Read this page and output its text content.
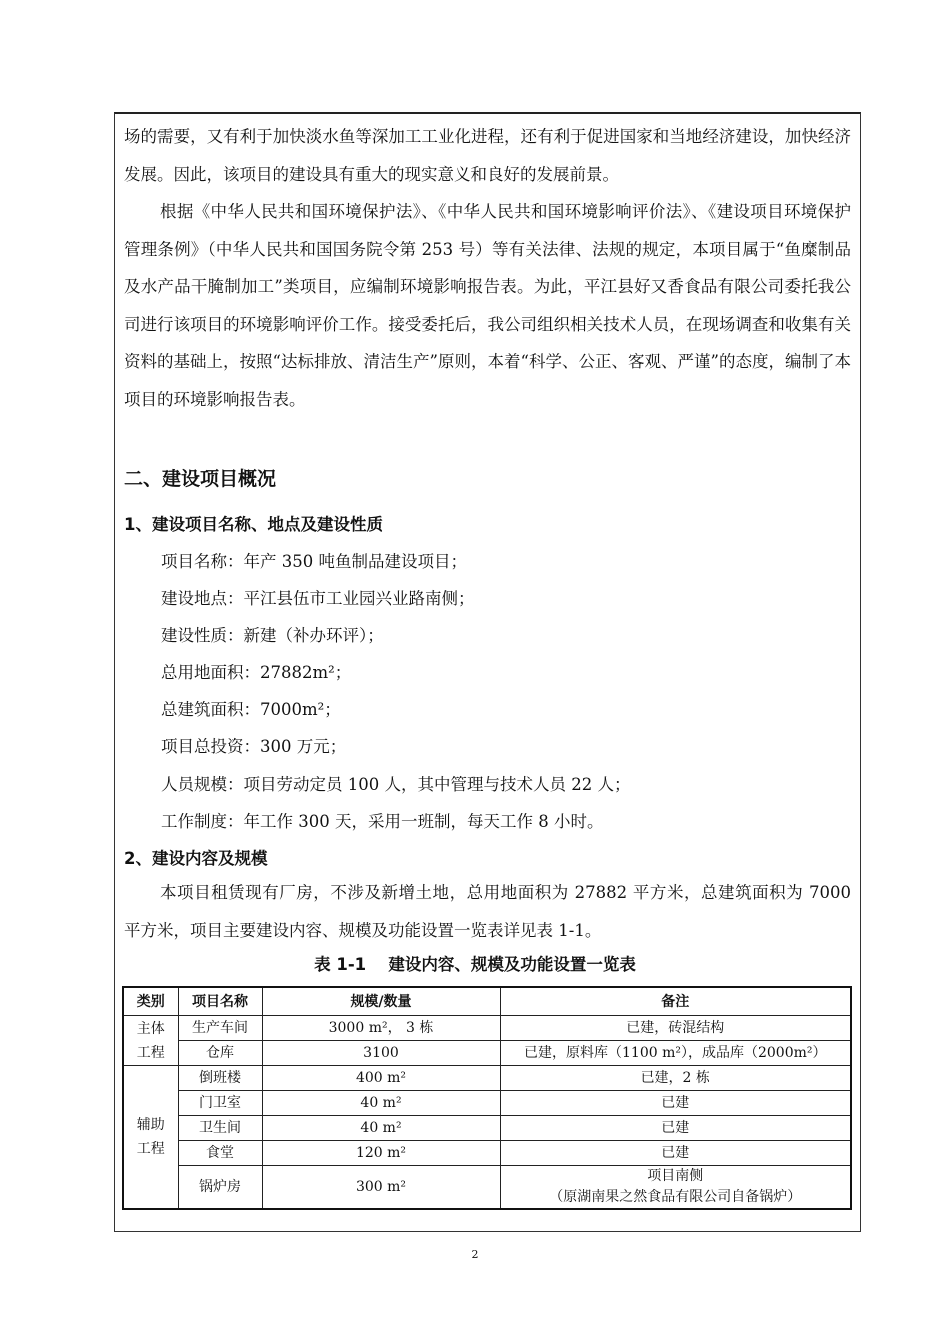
场的需要，又有利于加快淡水鱼等深加工工业化进程，还有利于促进国家和当地经济建设，加快经济发展。因此，该项目的建设具有重大的现实意义和良好的发展前景。

根据《中华人民共和国环境保护法》、《中华人民共和国环境影响评价法》、《建设项目环境保护管理条例》（中华人民共和国国务院令第 253 号）等有关法律、法规的规定，本项目属于“鱼糜制品及水产品干腌制加工”类项目，应编制环境影响报告表。为此，平江县好又香食品有限公司委托我公司进行该项目的环境影响评价工作。接受委托后，我公司组织相关技术人员，在现场调查和收集有关资料的基础上，按照“达标排放、清洁生产”原则，本着“科学、公正、客观、严谨”的态度，编制了本项目的环境影响报告表。

二、建设项目概况

1、建设项目名称、地点及建设性质

项目名称：年产 350 吨鱼制品建设项目；

建设地点：平江县伍市工业园兴业路南侧；

建设性质：新建（补办环评）；

总用地面积：27882m²；

总建筑面积：7000m²；

项目总投资：300 万元；

人员规模：项目劳动定员 100 人，其中管理与技术人员 22 人；

工作制度：年工作 300 天，采用一班制，每天工作 8 小时。

2、建设内容及规模

本项目租赁现有厂房，不涉及新增土地，总用地面积为 27882 平方米，总建筑面积为 7000 平方米，项目主要建设内容、规模及功能设置一览表详见表 1-1。

表 1-1　 建设内容、规模及功能设置一览表

类别	项目名称	规模/数量	备注
主体工程	生产车间	3000 m²， 3 栋	已建，砖混结构
	仓库	3100	已建，原料库（1100 m²），成品库（2000m²）
辅助工程	倒班楼	400 m²	已建，2 栋
	门卫室	40 m²	已建
	卫生间	40 m²	已建
	食堂	120 m²	已建
	锅炉房	300 m²	项目南侧
（原湖南果之然食品有限公司自备锅炉）

2
